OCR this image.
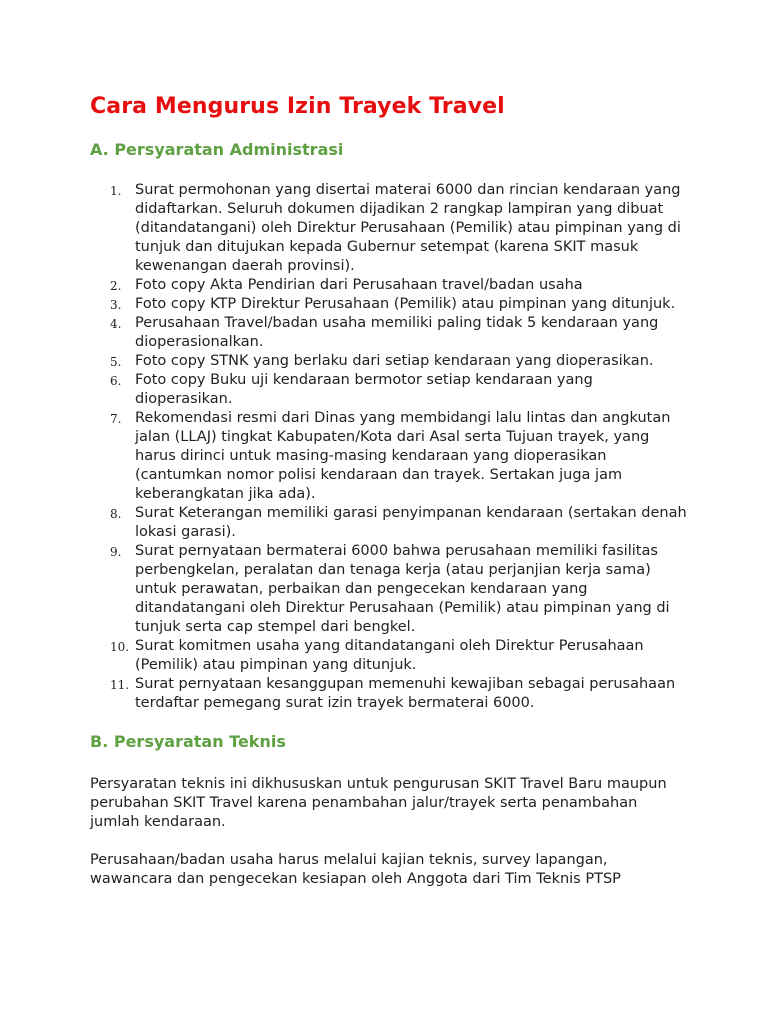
Cara Mengurus Izin Trayek Travel
A. Persyaratan Administrasi
1. Surat permohonan yang disertai materai 6000 dan rincian kendaraan yang didaftarkan. Seluruh dokumen dijadikan 2 rangkap lampiran yang dibuat (ditandatangani) oleh Direktur Perusahaan (Pemilik) atau pimpinan yang di tunjuk dan ditujukan kepada Gubernur setempat (karena SKIT masuk kewenangan daerah provinsi).
2. Foto copy Akta Pendirian dari Perusahaan travel/badan usaha
3. Foto copy KTP Direktur Perusahaan (Pemilik) atau pimpinan yang ditunjuk.
4. Perusahaan Travel/badan usaha memiliki paling tidak 5 kendaraan yang dioperasionalkan.
5. Foto copy STNK yang berlaku dari setiap kendaraan yang dioperasikan.
6. Foto copy Buku uji kendaraan bermotor setiap kendaraan yang dioperasikan.
7. Rekomendasi resmi dari Dinas yang membidangi lalu lintas dan angkutan jalan (LLAJ) tingkat Kabupaten/Kota dari Asal serta Tujuan trayek, yang harus dirinci untuk masing-masing kendaraan yang dioperasikan (cantumkan nomor polisi kendaraan dan trayek. Sertakan juga jam keberangkatan jika ada).
8. Surat Keterangan memiliki garasi penyimpanan kendaraan (sertakan denah lokasi garasi).
9. Surat pernyataan bermaterai 6000 bahwa perusahaan memiliki fasilitas perbengkelan, peralatan dan tenaga kerja (atau perjanjian kerja sama) untuk perawatan, perbaikan dan pengecekan kendaraan yang ditandatangani oleh Direktur Perusahaan (Pemilik) atau pimpinan yang di tunjuk serta cap stempel dari bengkel.
10. Surat komitmen usaha yang ditandatangani oleh Direktur Perusahaan (Pemilik) atau pimpinan yang ditunjuk.
11. Surat pernyataan kesanggupan memenuhi kewajiban sebagai perusahaan terdaftar pemegang surat izin trayek bermaterai 6000.
B. Persyaratan Teknis

Persyaratan teknis ini dikhususkan untuk pengurusan SKIT Travel Baru maupun perubahan SKIT Travel karena penambahan jalur/trayek serta penambahan jumlah kendaraan.

Perusahaan/badan usaha harus melalui kajian teknis, survey lapangan, wawancara dan pengecekan kesiapan oleh Anggota dari Tim Teknis PTSP
